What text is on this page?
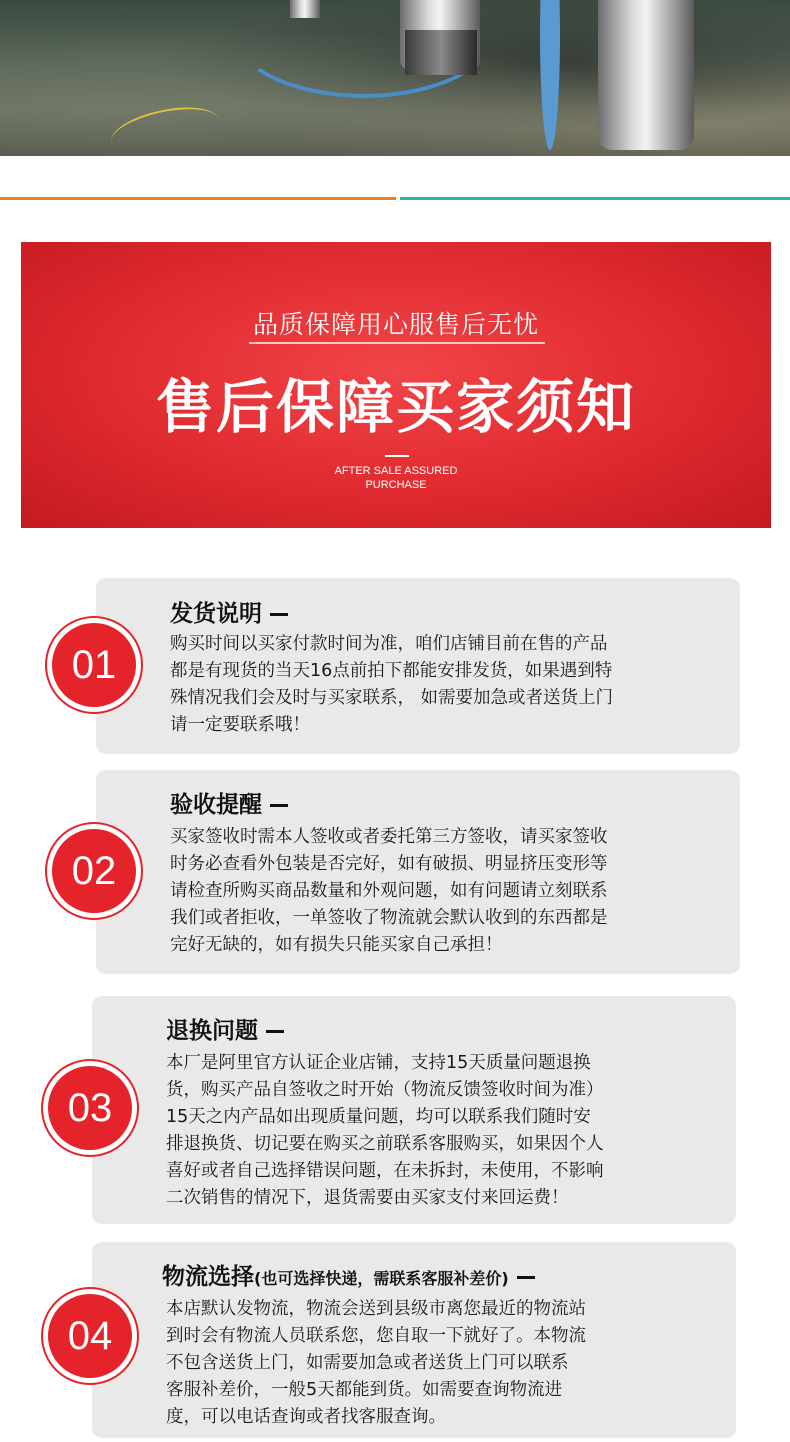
品质保障用心服售后无忧
售后保障买家须知
AFTER SALE ASSURED
PURCHASE
发货说明
购买时间以买家付款时间为准，咱们店铺目前在售的产品
都是有现货的当天16点前拍下都能安排发货，如果遇到特
殊情况我们会及时与买家联系， 如需要加急或者送货上门
请一定要联系哦！
01
验收提醒
买家签收时需本人签收或者委托第三方签收，请买家签收
时务必查看外包装是否完好，如有破损、明显挤压变形等
请检查所购买商品数量和外观问题，如有问题请立刻联系
我们或者拒收，一单签收了物流就会默认收到的东西都是
完好无缺的，如有损失只能买家自己承担！
02
退换问题
本厂是阿里官方认证企业店铺，支持15天质量问题退换
货，购买产品自签收之时开始（物流反馈签收时间为准）
15天之内产品如出现质量问题，均可以联系我们随时安
排退换货、切记要在购买之前联系客服购买，如果因个人
喜好或者自己选择错误问题，在未拆封，未使用，不影响
二次销售的情况下，退货需要由买家支付来回运费！
03
物流选择(也可选择快递，需联系客服补差价)
本店默认发物流，物流会送到县级市离您最近的物流站
到时会有物流人员联系您，您自取一下就好了。本物流
不包含送货上门，如需要加急或者送货上门可以联系
客服补差价，一般5天都能到货。如需要查询物流进
度，可以电话查询或者找客服查询。
04
